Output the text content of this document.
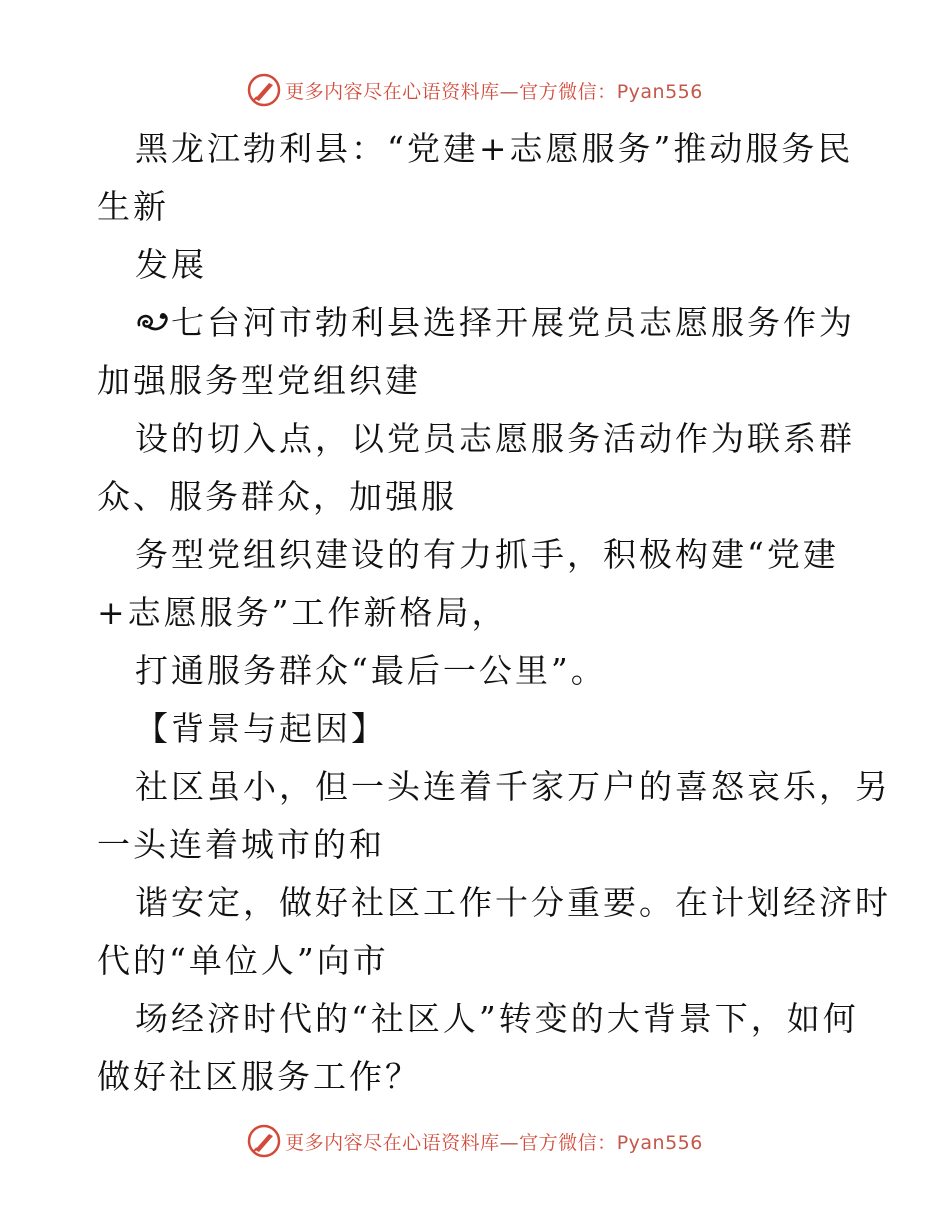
更多内容尽在心语资料库—官方微信：Pyan556
黑龙江勃利县：“党建+志愿服务”推动服务民
生新
发展
七台河市勃利县选择开展党员志愿服务作为
加强服务型党组织建
设的切入点，以党员志愿服务活动作为联系群
众、服务群众，加强服
务型党组织建设的有力抓手，积极构建“党建
+志愿服务”工作新格局，
打通服务群众“最后一公里”。
【背景与起因】
社区虽小，但一头连着千家万户的喜怒哀乐，另
一头连着城市的和
谐安定，做好社区工作十分重要。在计划经济时
代的“单位人”向市
场经济时代的“社区人”转变的大背景下，如何
做好社区服务工作？
更多内容尽在心语资料库—官方微信：Pyan556
